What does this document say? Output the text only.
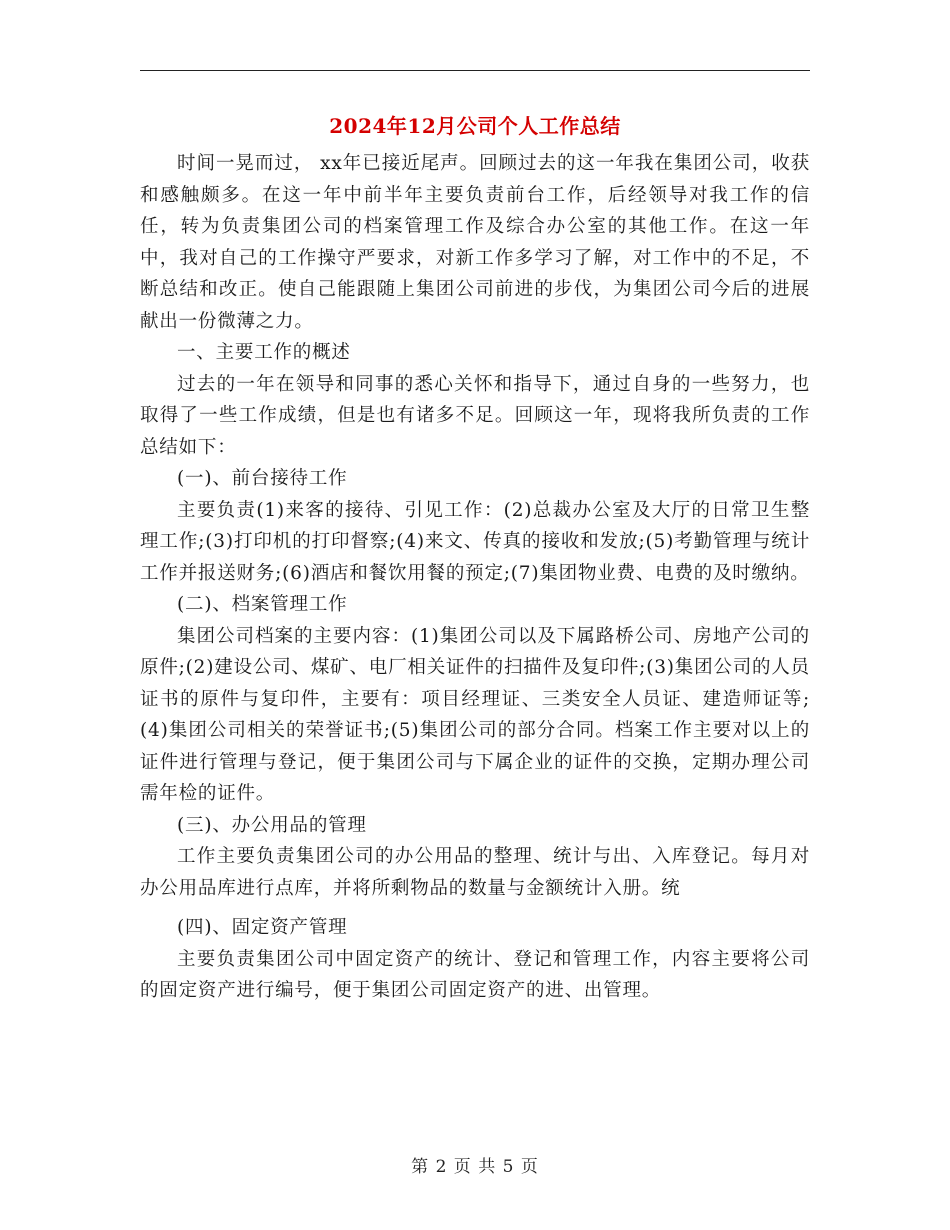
2024年12月公司个人工作总结

时间一晃而过， xx年已接近尾声。回顾过去的这一年我在集团公司，收获和感触颇多。在这一年中前半年主要负责前台工作，后经领导对我工作的信任，转为负责集团公司的档案管理工作及综合办公室的其他工作。在这一年中，我对自己的工作操守严要求，对新工作多学习了解，对工作中的不足，不断总结和改正。使自己能跟随上集团公司前进的步伐，为集团公司今后的进展献出一份微薄之力。

一、主要工作的概述

过去的一年在领导和同事的悉心关怀和指导下，通过自身的一些努力，也取得了一些工作成绩，但是也有诸多不足。回顾这一年，现将我所负责的工作总结如下：

(一)、前台接待工作

主要负责(1)来客的接待、引见工作：(2)总裁办公室及大厅的日常卫生整理工作;(3)打印机的打印督察;(4)来文、传真的接收和发放;(5)考勤管理与统计工作并报送财务;(6)酒店和餐饮用餐的预定;(7)集团物业费、电费的及时缴纳。

(二)、档案管理工作

集团公司档案的主要内容：(1)集团公司以及下属路桥公司、房地产公司的原件;(2)建设公司、煤矿、电厂相关证件的扫描件及复印件;(3)集团公司的人员证书的原件与复印件，主要有：项目经理证、三类安全人员证、建造师证等;(4)集团公司相关的荣誉证书;(5)集团公司的部分合同。档案工作主要对以上的证件进行管理与登记，便于集团公司与下属企业的证件的交换，定期办理公司需年检的证件。

(三)、办公用品的管理

工作主要负责集团公司的办公用品的整理、统计与出、入库登记。每月对办公用品库进行点库，并将所剩物品的数量与金额统计入册。统

(四)、固定资产管理

主要负责集团公司中固定资产的统计、登记和管理工作，内容主要将公司的固定资产进行编号，便于集团公司固定资产的进、出管理。

第 2 页 共 5 页
